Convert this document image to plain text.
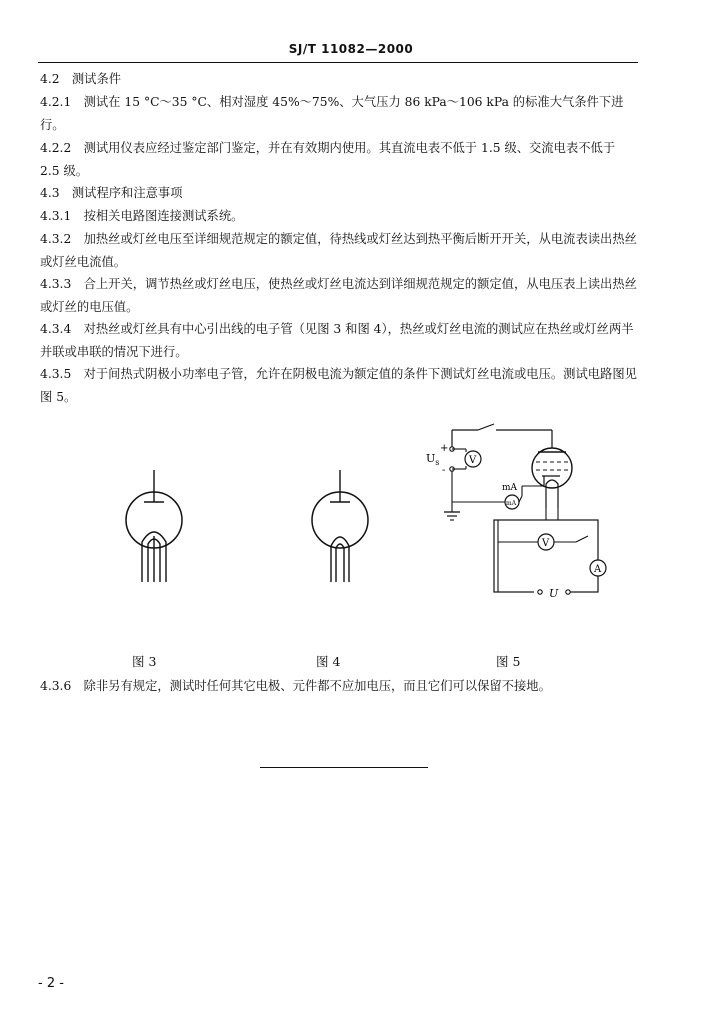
SJ/T 11082—2000

4.2　测试条件

4.2.1　测试在 15 °C～35 °C、相对湿度 45%～75%、大气压力 86 kPa～106 kPa 的标准大气条件下进行。

4.2.2　测试用仪表应经过鉴定部门鉴定，并在有效期内使用。其直流电表不低于 1.5 级、交流电表不低于 2.5 级。

4.3　测试程序和注意事项

4.3.1　按相关电路图连接测试系统。

4.3.2　加热丝或灯丝电压至详细规范规定的额定值，待热线或灯丝达到热平衡后断开开关，从电流表读出热丝或灯丝电流值。

4.3.3　合上开关，调节热丝或灯丝电压，使热丝或灯丝电流达到详细规范规定的额定值，从电压表上读出热丝或灯丝的电压值。

4.3.4　对热丝或灯丝具有中心引出线的电子管（见图 3 和图 4），热丝或灯丝电流的测试应在热丝或灯丝两半并联或串联的情况下进行。

4.3.5　对于间热式阴极小功率电子管，允许在阴极电流为额定值的条件下测试灯丝电流或电压。测试电路图见图 5。

$U_s$
+
-
V
mA
mA
V
A
U
图 3	图 4	图 5

4.3.6　除非另有规定，测试时任何其它电极、元件都不应加电压，而且它们可以保留不接地。

- 2 -
